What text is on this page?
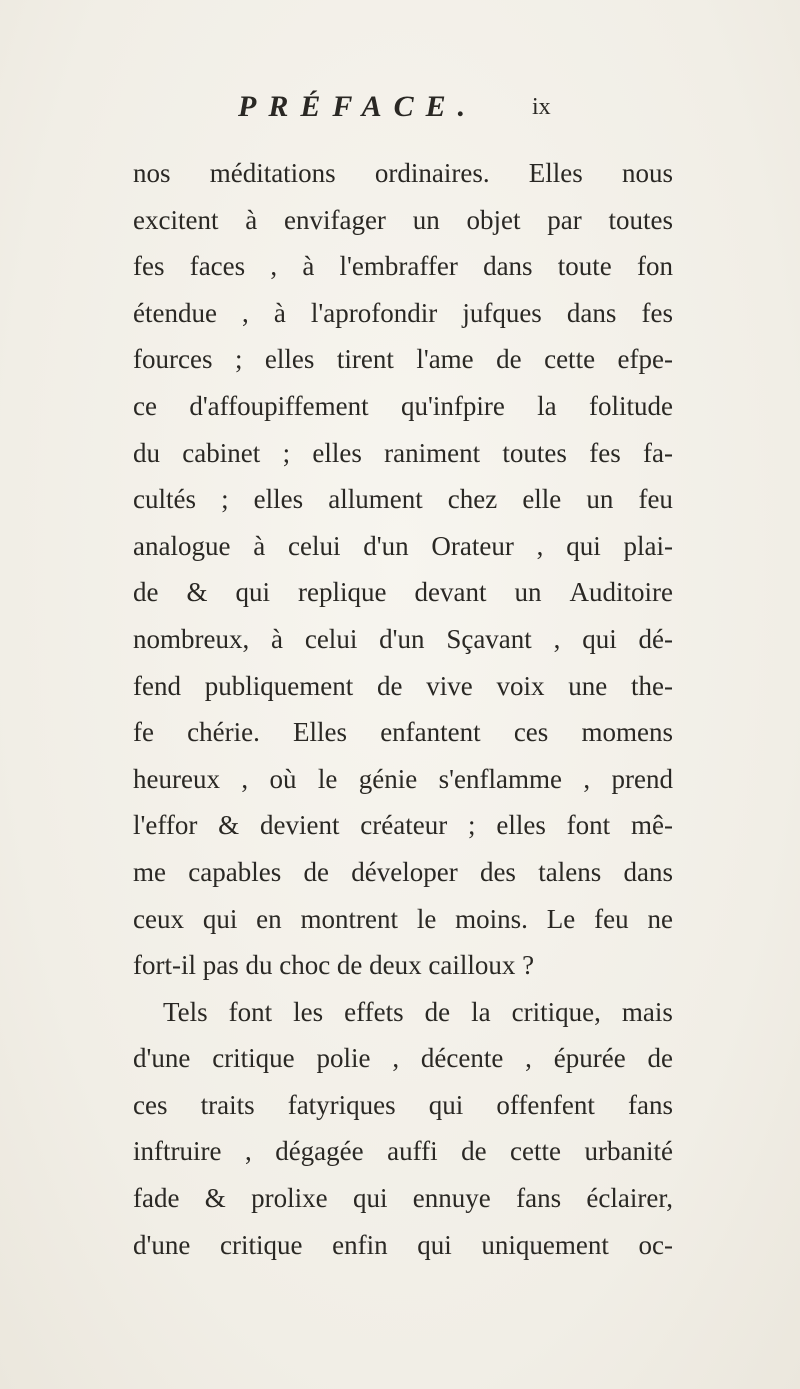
PRÉFACE. ix
nos méditations ordinaires. Elles nous
excitent à envifager un objet par toutes
fes faces , à l'embraffer dans toute fon
étendue , à l'aprofondir jufques dans fes
fources ; elles tirent l'ame de cette efpe-
ce d'affoupiffement qu'infpire la folitude
du cabinet ; elles raniment toutes fes fa-
cultés ; elles allument chez elle un feu
analogue à celui d'un Orateur , qui plai-
de & qui replique devant un Auditoire
nombreux, à celui d'un Sçavant , qui dé-
fend publiquement de vive voix une the-
fe chérie. Elles enfantent ces momens
heureux , où le génie s'enflamme , prend
l'effor & devient créateur ; elles font mê-
me capables de déveloper des talens dans
ceux qui en montrent le moins. Le feu ne
fort-il pas du choc de deux cailloux ?
Tels font les effets de la critique, mais
d'une critique polie , décente , épurée de
ces traits fatyriques qui offenfent fans
inftruire , dégagée auffi de cette urbanité
fade & prolixe qui ennuye fans éclairer,
d'une critique enfin qui uniquement oc-
